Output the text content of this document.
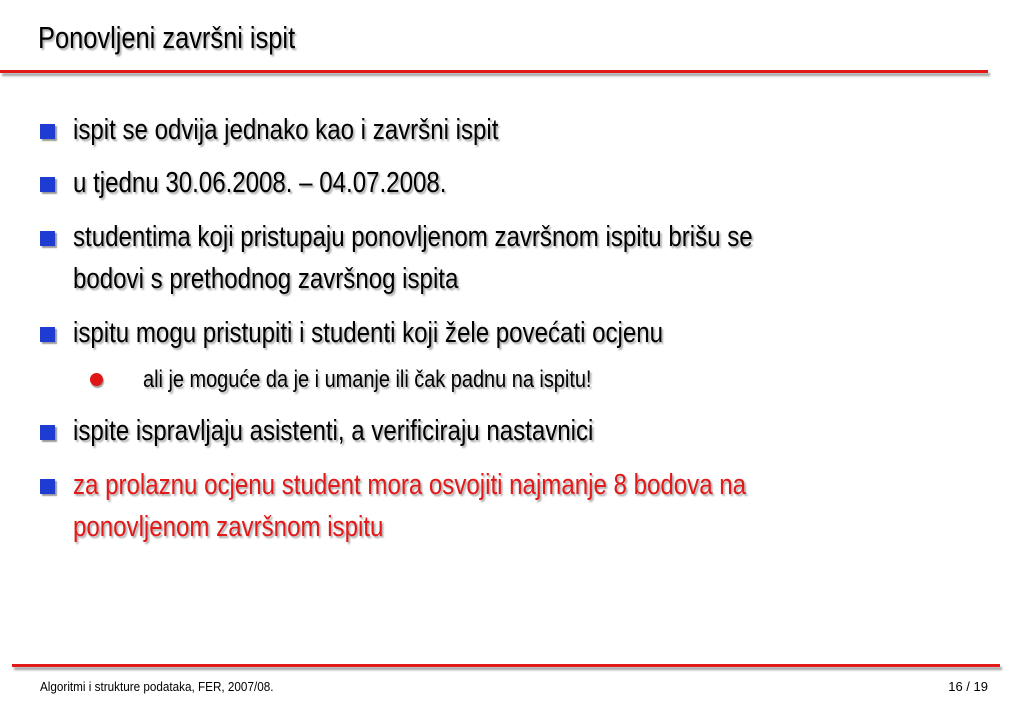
Ponovljeni završni ispit
ispit se odvija jednako kao i završni ispit
u tjednu 30.06.2008. – 04.07.2008.
studentima koji pristupaju ponovljenom završnom ispitu brišu se
bodovi s prethodnog završnog ispita
ispitu mogu pristupiti i studenti koji žele povećati ocjenu
ali je moguće da je i umanje ili čak padnu na ispitu!
ispite ispravljaju asistenti, a verificiraju nastavnici
za prolaznu ocjenu student mora osvojiti najmanje 8 bodova na
ponovljenom završnom ispitu
Algoritmi i strukture podataka, FER, 2007/08.	16 / 19
